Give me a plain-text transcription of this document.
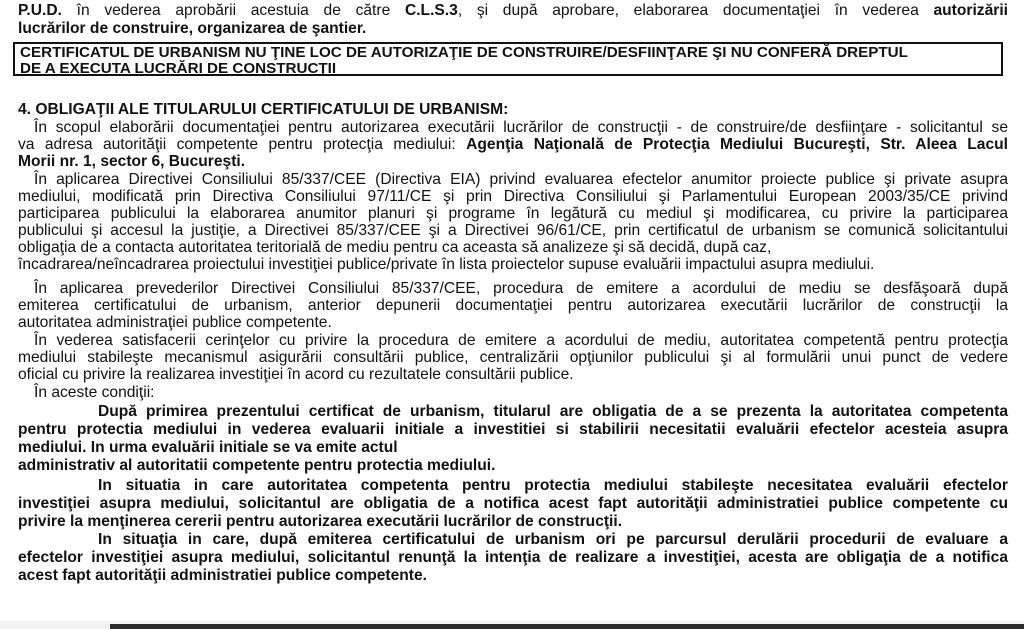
P.U.D. în vederea aprobării acestuia de către C.L.S.3, şi după aprobare, elaborarea documentaţiei în vederea autorizării
lucrărilor de construire, organizarea de şantier.
CERTIFICATUL DE URBANISM NU ŢINE LOC DE AUTORIZAŢIE DE CONSTRUIRE/DESFIINŢARE ŞI NU CONFERĂ DREPTUL
DE A EXECUTA LUCRĂRI DE CONSTRUCŢII
4. OBLIGAŢII ALE TITULARULUI CERTIFICATULUI DE URBANISM:
În scopul elaborării documentaţiei pentru autorizarea executării lucrărilor de construcţii - de construire/de desfiinţare - solicitantul se
va adresa autorităţii competente pentru protecţia mediului: Agenţia Naţională de Protecţia Mediului Bucureşti, Str. Aleea Lacul
Morii nr. 1, sector 6, Bucureşti.
În aplicarea Directivei Consiliului 85/337/CEE (Directiva EIA) privind evaluarea efectelor anumitor proiecte publice şi private asupra
mediului, modificată prin Directiva Consiliului 97/11/CE şi prin Directiva Consiliului şi Parlamentului European 2003/35/CE privind
participarea publicului la elaborarea anumitor planuri şi programe în legătură cu mediul şi modificarea, cu privire la participarea
publicului şi accesul la justiţie, a Directivei 85/337/CEE şi a Directivei 96/61/CE, prin certificatul de urbanism se comunică solicitantului
obligaţia de a contacta autoritatea teritorială de mediu pentru ca aceasta să analizeze şi să decidă, după caz,
încadrarea/neîncadrarea proiectului investiţiei publice/private în lista proiectelor supuse evaluării impactului asupra mediului.
În aplicarea prevederilor Directivei Consiliului 85/337/CEE, procedura de emitere a acordului de mediu se desfăşoară după
emiterea certificatului de urbanism, anterior depunerii documentaţiei pentru autorizarea executării lucrărilor de construcţii la
autoritatea administraţiei publice competente.
În vederea satisfacerii cerinţelor cu privire la procedura de emitere a acordului de mediu, autoritatea competentă pentru protecţia
mediului stabileşte mecanismul asigurării consultării publice, centralizării opţiunilor publicului şi al formulării unui punct de vedere
oficial cu privire la realizarea investiţiei în acord cu rezultatele consultării publice.
În aceste condiţii:
După primirea prezentului certificat de urbanism, titularul are obligatia de a se prezenta la autoritatea competenta
pentru protectia mediului in vederea evaluarii initiale a investitiei si stabilirii necesitatii evaluării efectelor acesteia asupra
mediului. In urma evaluării initiale se va emite actul
administrativ al autoritatii competente pentru protectia mediului.
In situatia in care autoritatea competenta pentru protectia mediului stabileşte necesitatea evaluării efectelor
investiţiei asupra mediului, solicitantul are obligatia de a notifica acest fapt autorităţii administratiei publice competente cu
privire la menţinerea cererii pentru autorizarea executării lucrărilor de construcţii.
In situaţia in care, după emiterea certificatului de urbanism ori pe parcursul derulării procedurii de evaluare a
efectelor investiţiei asupra mediului, solicitantul renunţă la intenţia de realizare a investiţiei, acesta are obligaţia de a notifica
acest fapt autorităţii administratiei publice competente.
